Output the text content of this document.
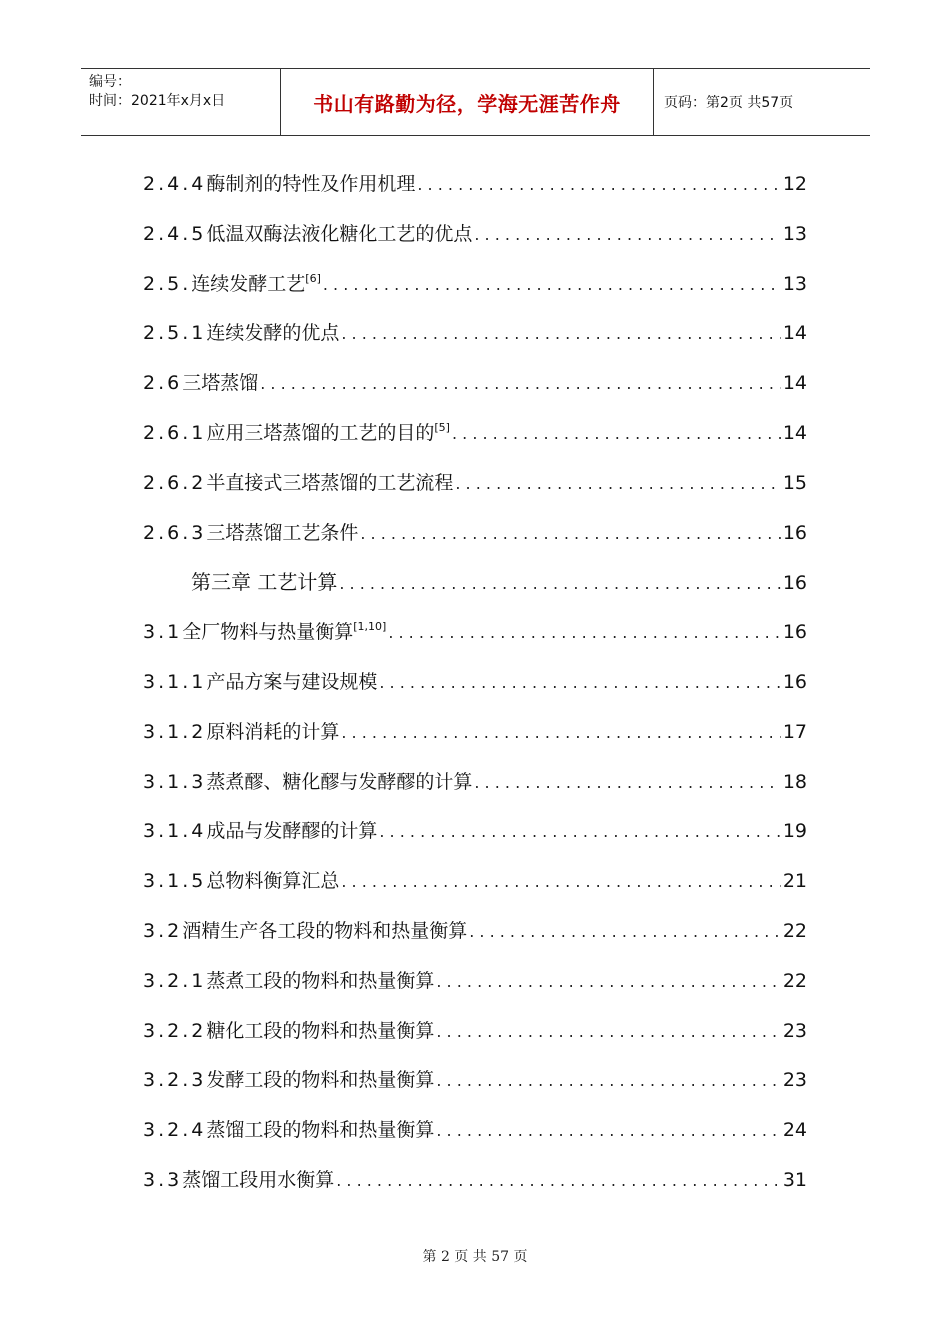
编号：
时间：2021年x月x日	书山有路勤为径，学海无涯苦作舟	页码：第2页 共57页
2.4.4酶制剂的特性及作用机理 . . .	12
2.4.5低温双酶法液化糖化工艺的优点 . . .	13
2.5.连续发酵工艺[6] . . .	13
2.5.1连续发酵的优点 . . .	14
2.6三塔蒸馏 . . .	14
2.6.1应用三塔蒸馏的工艺的目的[5] . . .	14
2.6.2半直接式三塔蒸馏的工艺流程 . . .	15
2.6.3三塔蒸馏工艺条件 . . .	16
第三章 工艺计算 . . .	16
3.1全厂物料与热量衡算[1,10] . . .	16
3.1.1产品方案与建设规模 . . .	16
3.1.2原料消耗的计算 . . .	17
3.1.3蒸煮醪、糖化醪与发酵醪的计算 . . .	18
3.1.4成品与发酵醪的计算 . . .	19
3.1.5总物料衡算汇总 . . .	21
3.2酒精生产各工段的物料和热量衡算 . . .	22
3.2.1蒸煮工段的物料和热量衡算 . . .	22
3.2.2糖化工段的物料和热量衡算 . . .	23
3.2.3发酵工段的物料和热量衡算 . . .	23
3.2.4蒸馏工段的物料和热量衡算 . . .	24
3.3蒸馏工段用水衡算 . . .	31
第 2 页 共 57 页
